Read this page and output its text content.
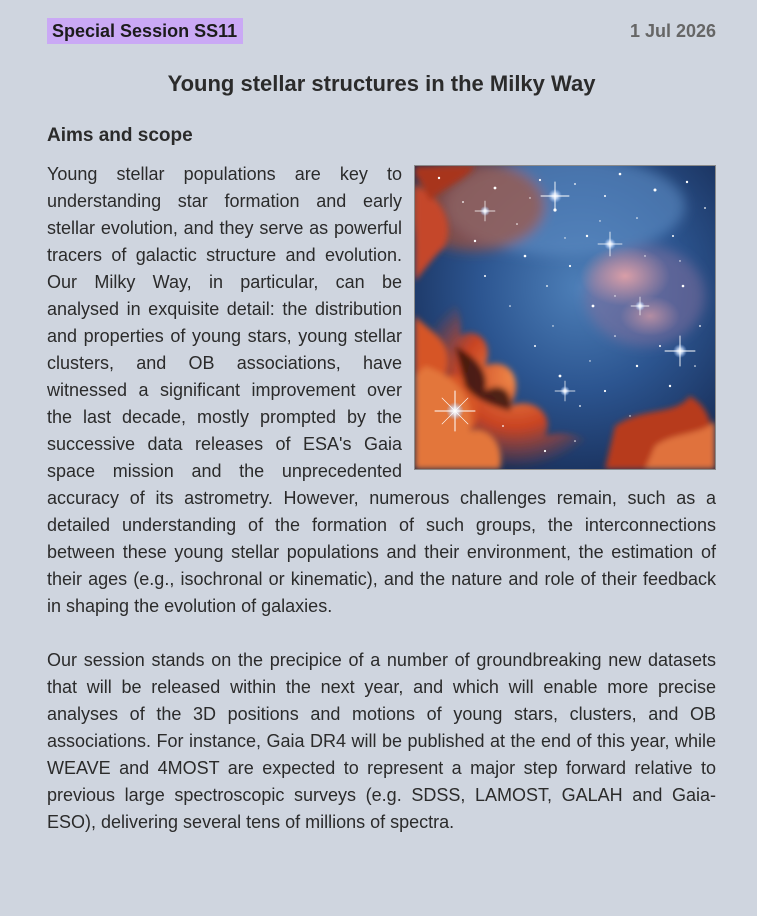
Special Session SS11	1 Jul 2026
Young stellar structures in the Milky Way
Aims and scope

Young stellar populations are key to understanding star formation and early stellar evolution, and they serve as powerful tracers of galactic structure and evolution. Our Milky Way, in particular, can be analysed in exquisite detail: the distribution and properties of young stars, young stellar clusters, and OB associations, have witnessed a significant improvement over the last decade, mostly prompted by the successive data releases of ESA's Gaia space mission and the unprecedented accuracy of its astrometry. However, numerous challenges remain, such as a detailed understanding of the formation of such groups, the interconnections between these young stellar populations and their environment, the estimation of their ages (e.g., isochronal or kinematic), and the nature and role of their feedback in shaping the evolution of galaxies.

Our session stands on the precipice of a number of groundbreaking new datasets that will be released within the next year, and which will enable more precise analyses of the 3D positions and motions of young stars, clusters, and OB associations. For instance, Gaia DR4 will be published at the end of this year, while WEAVE and 4MOST are expected to represent a major step forward relative to previous large spectroscopic surveys (e.g. SDSS, LAMOST, GALAH and Gaia-ESO), delivering several tens of millions of spectra.
